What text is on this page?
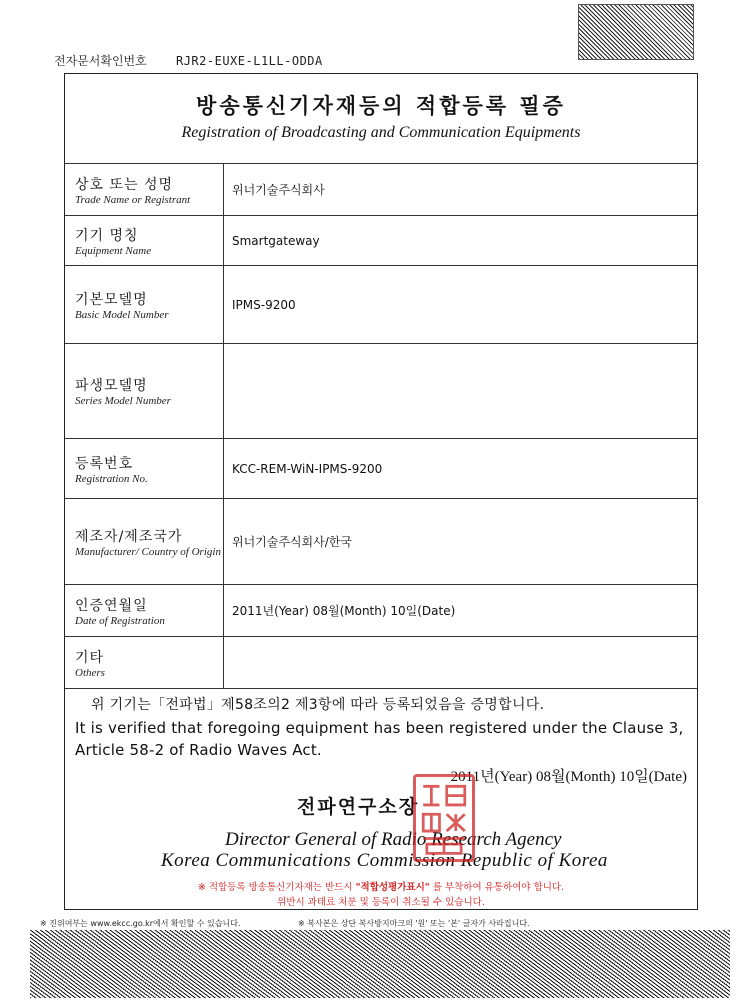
전자문서확인번호 RJR2-EUXE-L1LL-ODDA
방송통신기자재등의 적합등록 필증
Registration of Broadcasting and Communication Equipments
상호 또는 성명
Trade Name or Registrant	위너기술주식회사

기기 명칭
Equipment Name	Smartgateway

기본모델명
Basic Model Number	IPMS-9200

파생모델명
Series Model Number	

등록번호
Registration No.	KCC-REM-WiN-IPMS-9200

제조자/제조국가
Manufacturer/ Country of Origin	위너기술주식회사/한국

인증연월일
Date of Registration	2011년(Year) 08월(Month) 10일(Date)

기타
Others	

위 기기는「전파법」제58조의2 제3항에 따라 등록되었음을 증명합니다.
It is verified that foregoing equipment has been registered under the Clause 3, Article 58-2 of Radio Waves Act.
2011년(Year) 08월(Month) 10일(Date)
전파연구소장
Director General of Radio Research Agency
Korea Communications Commission Republic of Korea
※ 적합등록 방송통신기자재는 반드시 "적합성평가표시" 를 부착하여 유통하여야 합니다.
위반시 과태료 처분 및 등록이 취소될 수 있습니다.
※ 진위여부는 www.ekcc.go.kr에서 확인할 수 있습니다.	※ 복사본은 상단 복사방지마크의 '원' 또는 '본' 글자가 사라집니다.
